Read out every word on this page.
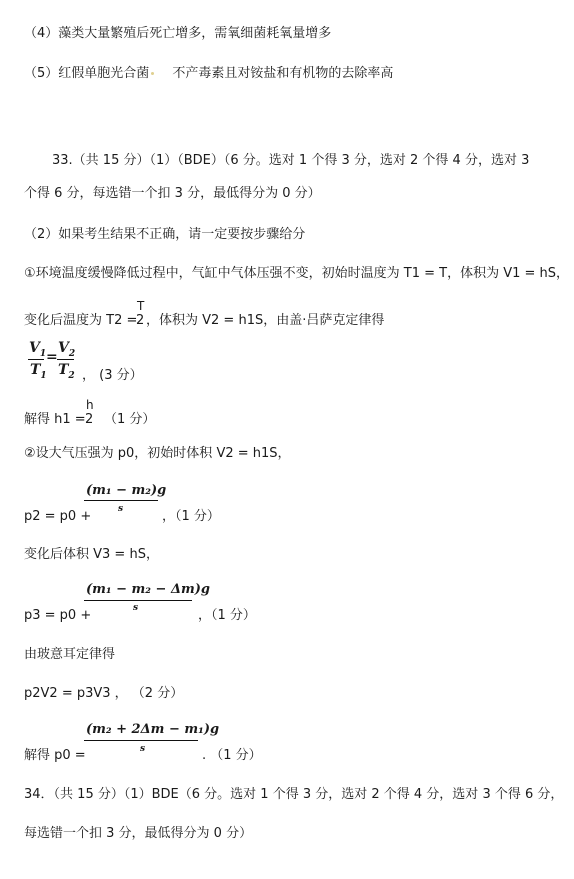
（4）藻类大量繁殖后死亡增多，需氧细菌耗氧量增多
（5）红假单胞光合菌 不产毒素且对铵盐和有机物的去除率高
33.（共 15 分）（1）（BDE）（6 分。选对 1 个得 3 分，选对 2 个得 4 分，选对 3
个得 6 分，每选错一个扣 3 分，最低得分为 0 分）
（2）如果考生结果不正确，请一定要按步骤给分
①环境温度缓慢降低过程中，气缸中气体压强不变，初始时温度为 T1 = T，体积为 V1 = hS，
变化后温度为 T2 =
T
2 ，体积为 V2 = h1S，由盖·吕萨克定律得
$V_1$
$T_1$
=
$V_2$
$T_2$ ， (3 分）
解得 h1 =
h
2 （1 分）
②设大气压强为 p0，初始时体积 V2 = h1S，
(m₁ − m₂)g
s
p2 = p0 +	，（1 分）
变化后体积 V3 = hS，
(m₁ − m₂ − Δm)g
s
p3 = p0 +	，（1 分）
由玻意耳定律得
p2V2 = p3V3 ， （2 分）
(m₂ + 2Δm − m₁)g
s
解得 p0 =	. （1 分）
34．（共 15 分）（1）BDE（6 分。选对 1 个得 3 分，选对 2 个得 4 分，选对 3 个得 6 分，
每选错一个扣 3 分，最低得分为 0 分）
